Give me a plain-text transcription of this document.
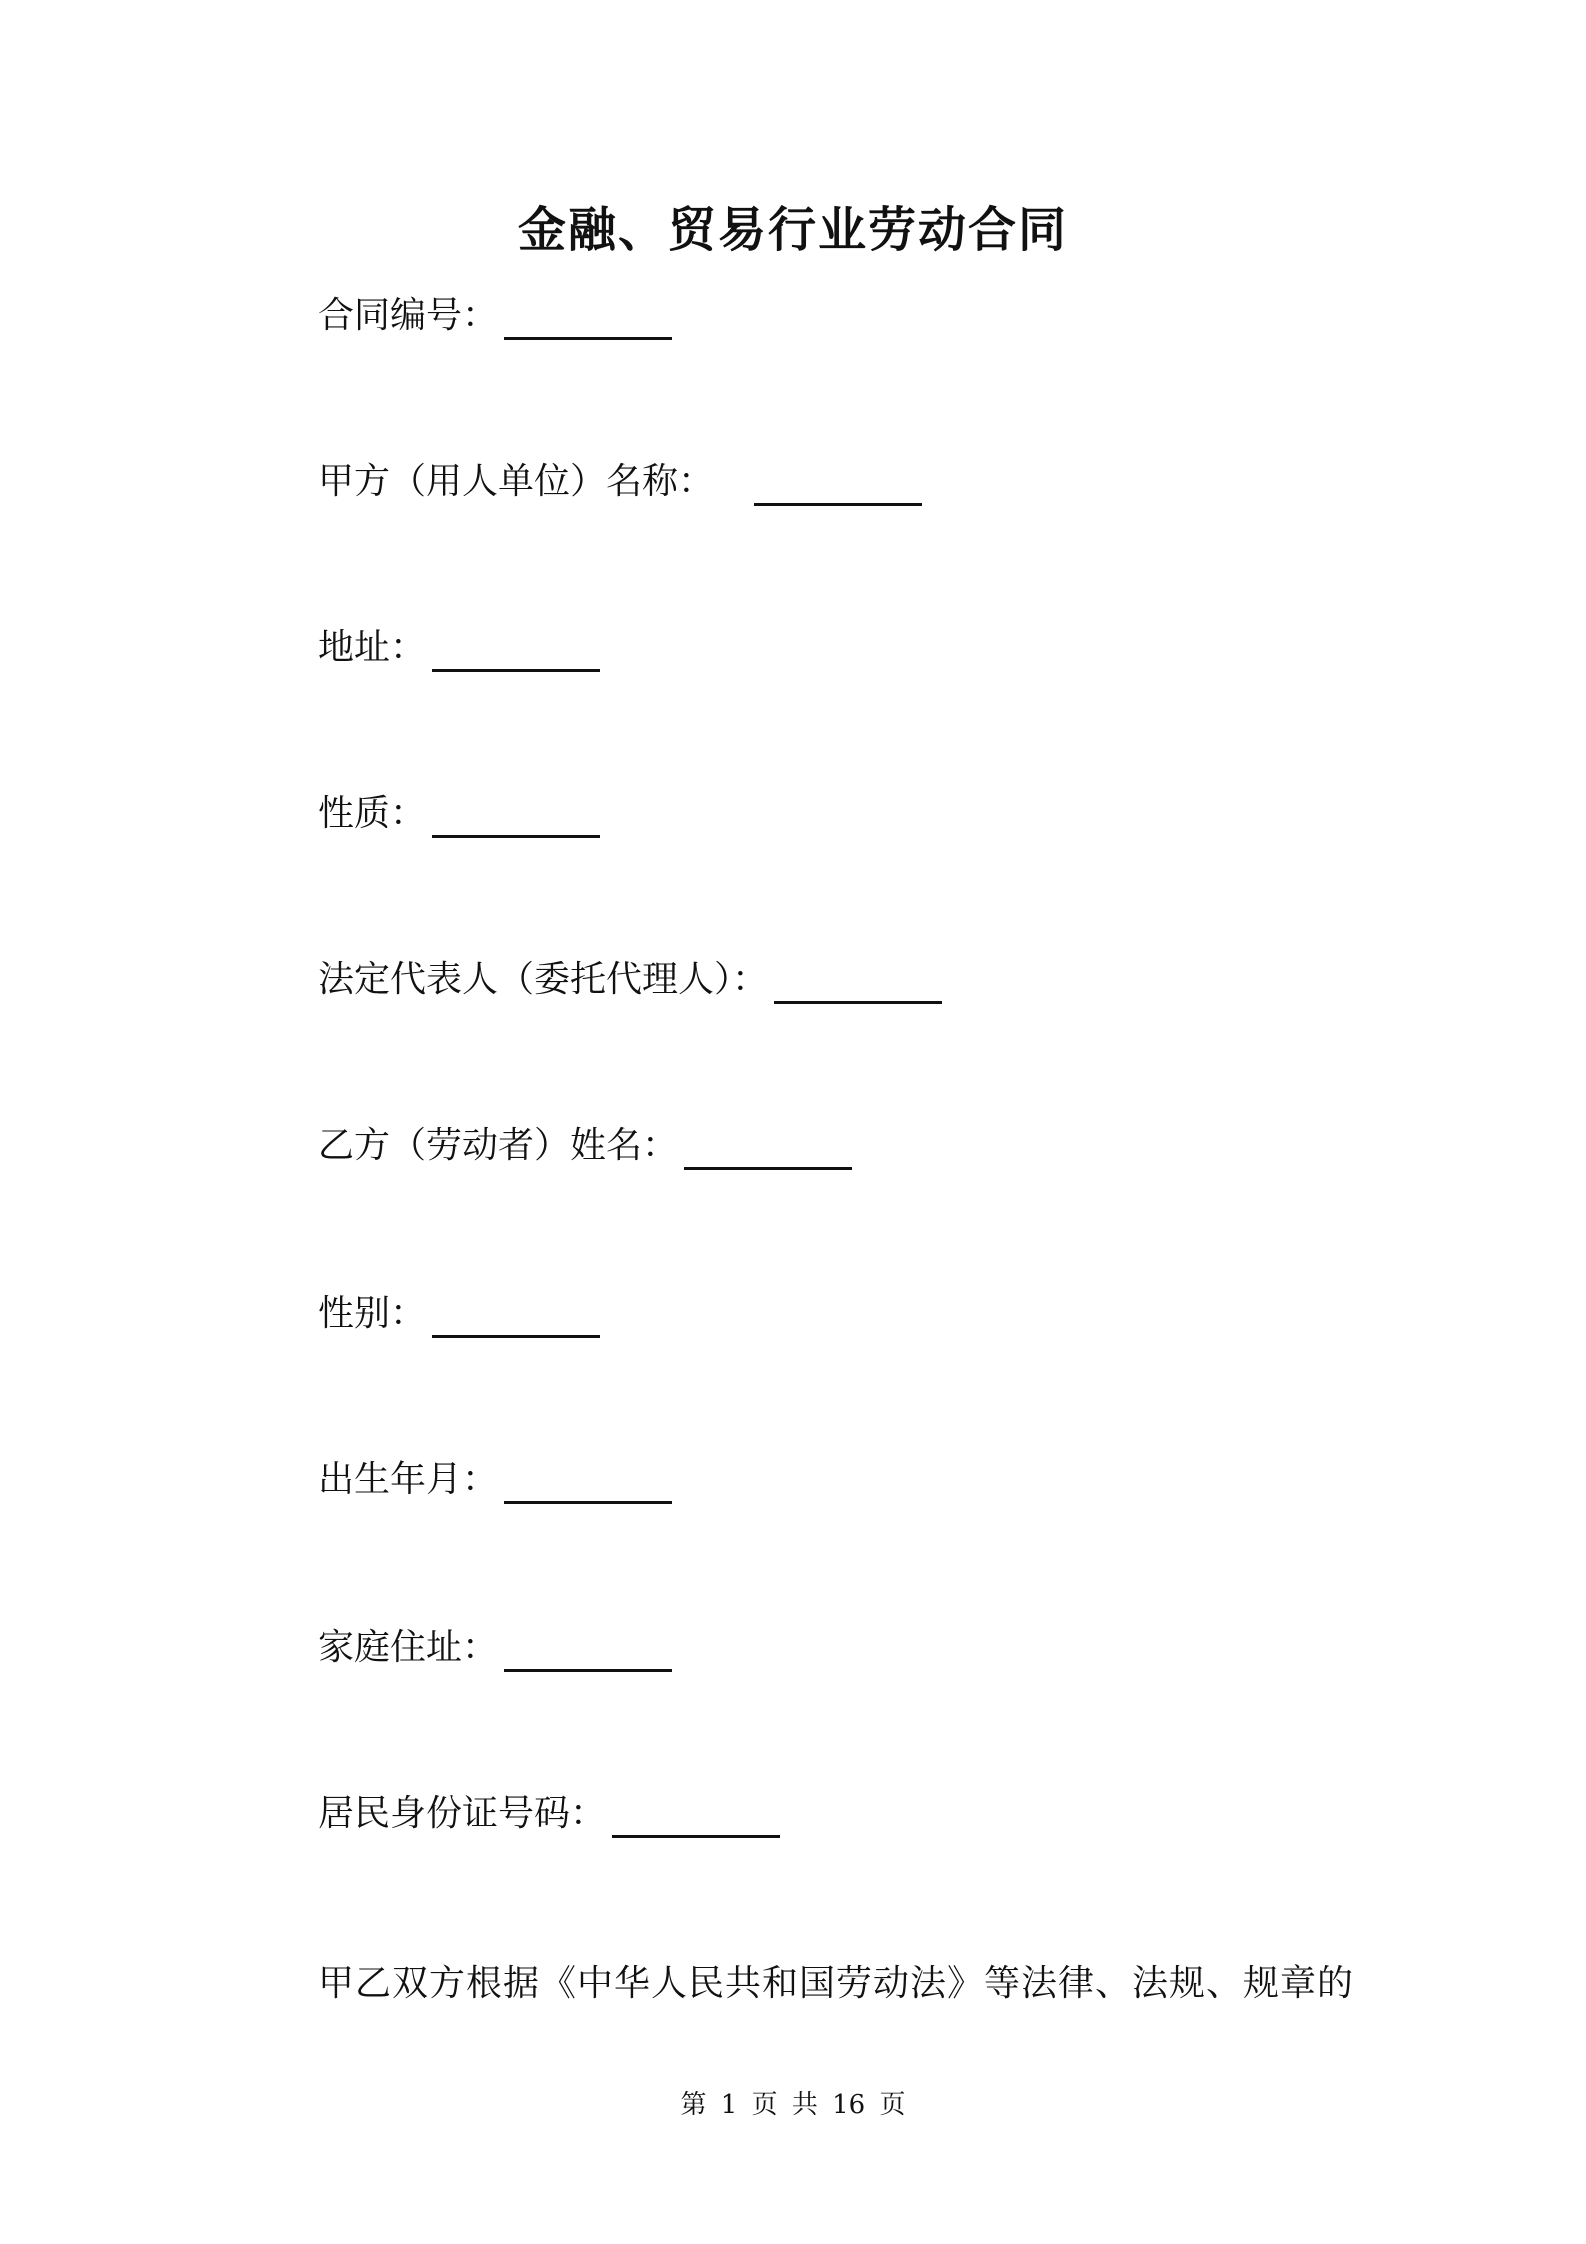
金融、贸易行业劳动合同
合同编号：
甲方（用人单位）名称：
地址：
性质：
法定代表人（委托代理人）：
乙方（劳动者）姓名：
性别：
出生年月：
家庭住址：
居民身份证号码：
甲乙双方根据《中华人民共和国劳动法》等法律、法规、规章的
第 1 页 共 16 页
